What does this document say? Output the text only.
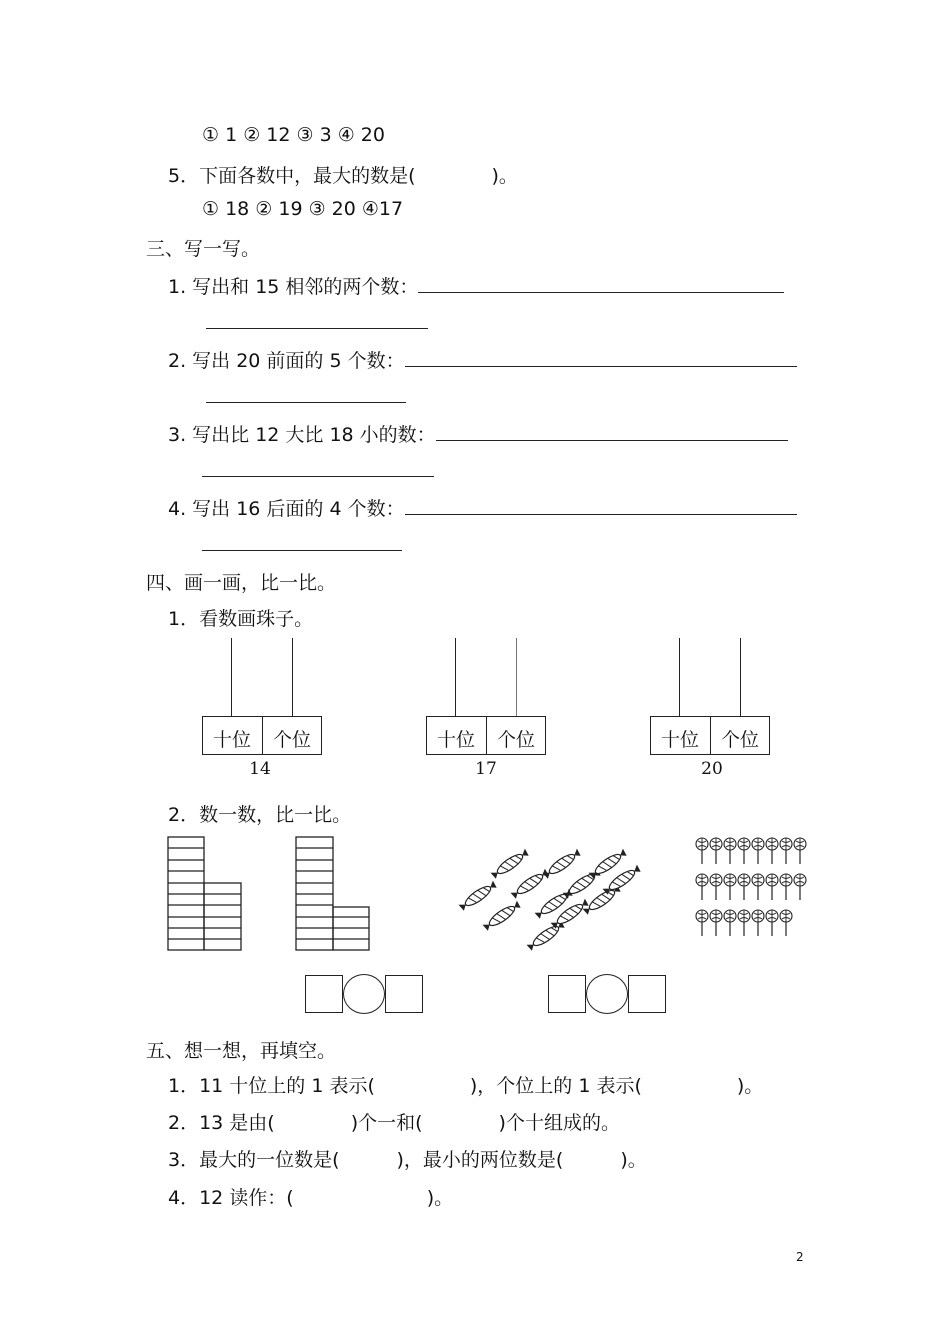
① 1 ② 12 ③ 3 ④ 20
5．下面各数中，最大的数是(　　　　)。
① 18 ② 19 ③ 20 ④17
三、写一写。
1. 写出和 15 相邻的两个数：
2. 写出 20 前面的 5 个数：
3. 写出比 12 大比 18 小的数：
4. 写出 16 后面的 4 个数：
四、画一画，比一比。
1．看数画珠子。
十位	个位
14
十位	个位
17
十位	个位
20
2．数一数，比一比。
五、想一想，再填空。
1．11 十位上的 1 表示(　　　　　)，个位上的 1 表示(　　　　　)。
2．13 是由(　　　　)个一和(　　　　)个十组成的。
3．最大的一位数是(　　　)，最小的两位数是(　　　)。
4．12 读作：(　　　　　　　)。
2
